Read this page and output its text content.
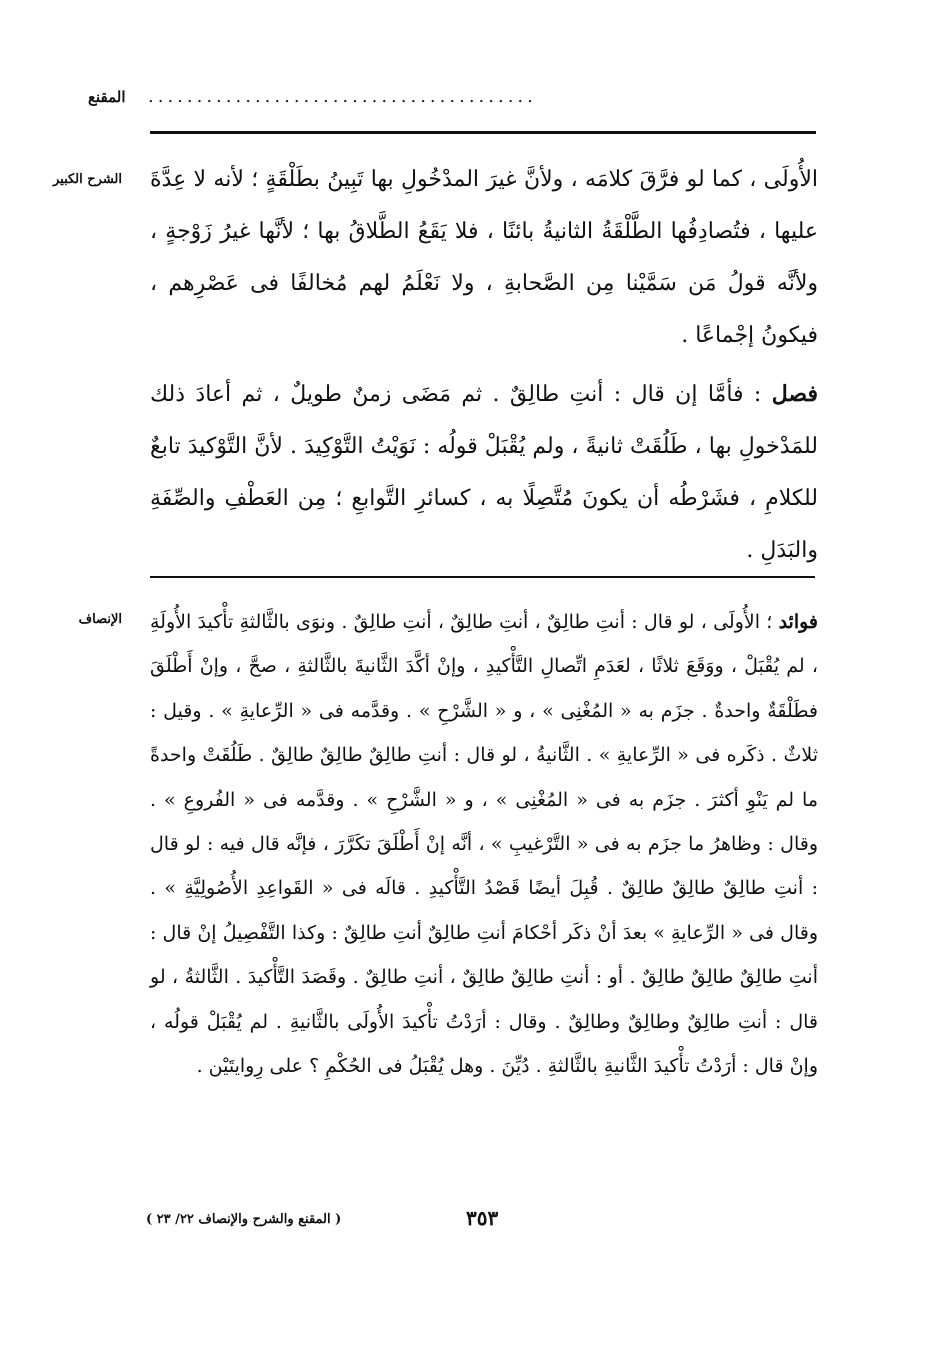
المقنع ........................................
الشرح الكبير الأُولَى ، كما لو فرَّقَ كلامَه ، ولأنَّ غيرَ المدْخُولِ بها تَبِينُ بطَلْقَةٍ ؛ لأنه لا عِدَّةَ عليها ، فتُصادِفُها الطَّلْقَةُ الثانيةُ بائنًا ، فلا يَقَعُ الطَّلاقُ بها ؛ لأنَّها غيرُ زَوْجةٍ ، ولأنَّه قولُ مَن سَمَّيْنا مِن الصَّحابةِ ، ولا نَعْلَمُ لهم مُخالفًا فى عَصْرِهم ، فيكونُ إجْماعًا .

فصل : فأمَّا إن قال : أنتِ طالِقٌ . ثم مَضَى زمنٌ طويلٌ ، ثم أعادَ ذلك للمَدْخولِ بها ، طَلُقَتْ ثانيةً ، ولم يُقْبَلْ قولُه : نَوَيْتُ التَّوْكِيدَ . لأنَّ التَّوْكيدَ تابعٌ للكلامِ ، فشَرْطُه أن يكونَ مُتَّصِلًا به ، كسائرِ التَّوابعِ ؛ مِن العَطْفِ والصِّفَةِ والبَدَلِ .

الإنصاف	فوائد ؛ الأُولَى ، لو قال : أنتِ طالِقٌ ، أنتِ طالِقٌ ، أنتِ طالِقٌ . ونوَى بالثَّالثةِ تأْكيدَ الأُولَةِ ، لم يُقْبَلْ ، ووَقَعَ ثلاثًا ، لعَدَمِ اتِّصالِ التَّأْكيدِ ، وإنْ أكَّدَ الثَّانيةَ بالثَّالثةِ ، صحَّ ، وإنْ أَطْلَقَ فطَلْقَةٌ واحدةٌ . جزَم به « المُغْنِى » ، و « الشَّرْحِ » . وقدَّمه فى « الرِّعايةِ » . وقيل : ثلاثٌ . ذكَره فى « الرِّعايةِ » . الثَّانيةُ ، لو قال : أنتِ طالِقٌ طالِقٌ طالِقٌ . طَلُقَتْ واحدةً ما لم يَنْوِ أكثرَ . جزَم به فى « المُغْنِى » ، و « الشَّرْحِ » . وقدَّمه فى « الفُروعِ » . وقال : وظاهرُ ما جزَم به فى « التَّرْغيبِ » ، أنَّه إنْ أَطْلَقَ تكَرَّرَ ، فإنَّه قال فيه : لو قال : أنتِ طالِقٌ طالِقٌ طالِقٌ . قُبِلَ أيضًا قَصْدُ التَّأْكيدِ . قالَه فى « القَواعِدِ الأُصُولِيَّةِ » . وقال فى « الرِّعايةِ » بعدَ أنْ ذكَر أحْكامَ أنتِ طالِقٌ أنتِ طالِقٌ : وكذا التَّفْصِيلُ إنْ قال : أنتِ طالِقٌ طالِقٌ طالِقٌ . أو : أنتِ طالِقٌ طالِقٌ ، أنتِ طالِقٌ . وقَصَدَ التَّأْكيدَ . الثَّالثةُ ، لو قال : أنتِ طالِقٌ وطالِقٌ وطالِقٌ . وقال : أرَدْتُ تأْكيدَ الأُولَى بالثَّانيةِ . لم يُقْبَلْ قولُه ، وإنْ قال : أرَدْتُ تأْكيدَ الثَّانيةِ بالثَّالثةِ . دُيِّنَ . وهل يُقْبَلُ فى الحُكْمِ ؟ على رِوايتَيْن .

( المقنع والشرح والإنصاف ٢٢/ ٢٣ )	٣٥٣
